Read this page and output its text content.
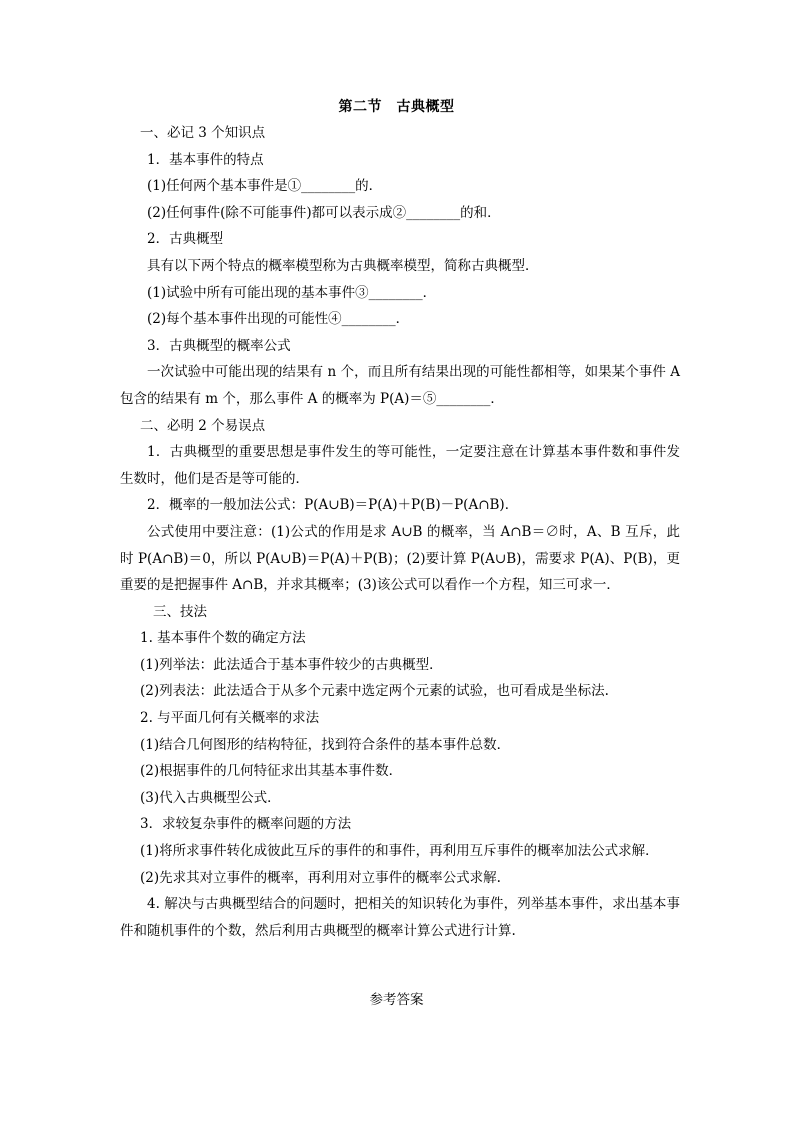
第二节　古典概型
一、必记 3 个知识点
1．基本事件的特点
(1)任何两个基本事件是①________的．
(2)任何事件(除不可能事件)都可以表示成②________的和．
2．古典概型
具有以下两个特点的概率模型称为古典概率模型，简称古典概型．
(1)试验中所有可能出现的基本事件③________．
(2)每个基本事件出现的可能性④________．
3．古典概型的概率公式
一次试验中可能出现的结果有 n 个，而且所有结果出现的可能性都相等，如果某个事件 A 包含的结果有 m 个，那么事件 A 的概率为 P(A)＝⑤________．
二、必明 2 个易误点
1．古典概型的重要思想是事件发生的等可能性，一定要注意在计算基本事件数和事件发生数时，他们是否是等可能的．
2．概率的一般加法公式：P(A∪B)＝P(A)＋P(B)－P(A∩B)．
公式使用中要注意：(1)公式的作用是求 A∪B 的概率，当 A∩B＝∅时，A、B 互斥，此时 P(A∩B)＝0，所以 P(A∪B)＝P(A)＋P(B)；(2)要计算 P(A∪B)，需要求 P(A)、P(B)，更重要的是把握事件 A∩B，并求其概率；(3)该公式可以看作一个方程，知三可求一．
三、技法
1. 基本事件个数的确定方法
(1)列举法：此法适合于基本事件较少的古典概型．
(2)列表法：此法适合于从多个元素中选定两个元素的试验，也可看成是坐标法.
2. 与平面几何有关概率的求法
(1)结合几何图形的结构特征，找到符合条件的基本事件总数．
(2)根据事件的几何特征求出其基本事件数．
(3)代入古典概型公式．
3．求较复杂事件的概率问题的方法
(1)将所求事件转化成彼此互斥的事件的和事件，再利用互斥事件的概率加法公式求解．
(2)先求其对立事件的概率，再利用对立事件的概率公式求解.
4. 解决与古典概型结合的问题时，把相关的知识转化为事件，列举基本事件，求出基本事件和随机事件的个数，然后利用古典概型的概率计算公式进行计算.
参考答案
